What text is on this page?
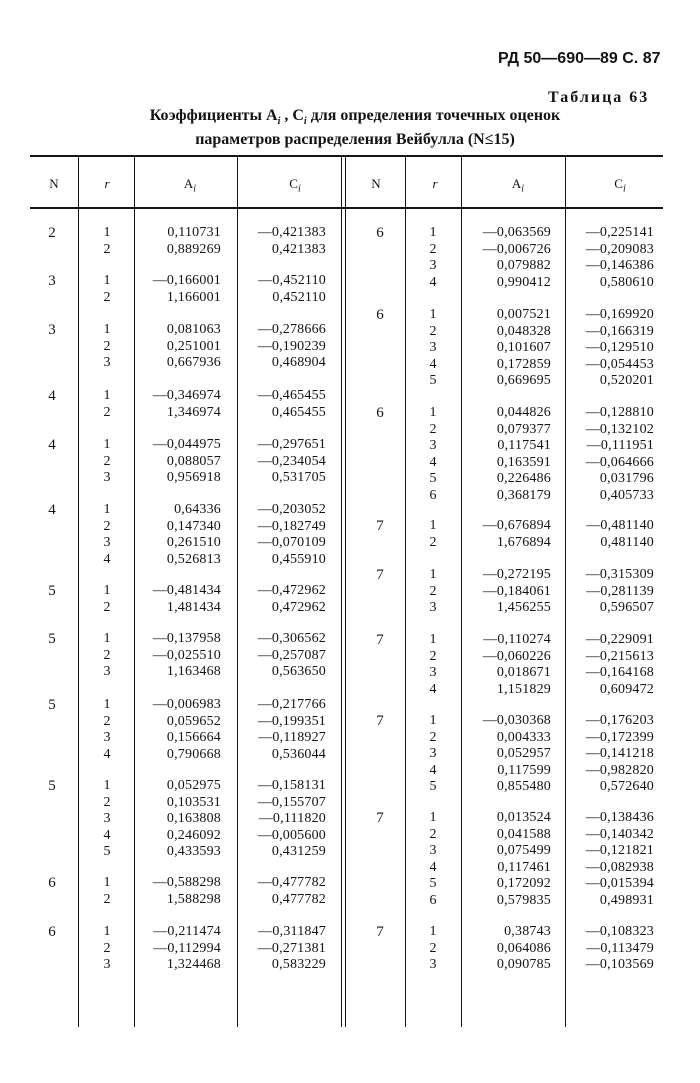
РД 50—690—89 С. 87
Таблица 63
Коэффициенты $A_i$ , $C_i$ для определения точечных оценок
параметров распределения Вейбулла (N≤15)
N	r	$A_i$	$C_i$	N	r	$A_i$	$C_i$
2	1	0,110731	—0,421383
2	0,889269	0,421383
3	1	—0,166001	—0,452110
2	1,166001	0,452110
3	1	0,081063	—0,278666
2	0,251001	—0,190239
3	0,667936	0,468904
4	1	—0,346974	—0,465455
2	1,346974	0,465455
4	1	—0,044975	—0,297651
2	0,088057	—0,234054
3	0,956918	0,531705
4	1	0,64336	—0,203052
2	0,147340	—0,182749
3	0,261510	—0,070109
4	0,526813	0,455910
5	1	—0,481434	—0,472962
2	1,481434	0,472962
5	1	—0,137958	—0,306562
2	—0,025510	—0,257087
3	1,163468	0,563650
5	1	—0,006983	—0,217766
2	0,059652	—0,199351
3	0,156664	—0,118927
4	0,790668	0,536044
5	1	0,052975	—0,158131
2	0,103531	—0,155707
3	0,163808	—0,111820
4	0,246092	—0,005600
5	0,433593	0,431259
6	1	—0,588298	—0,477782
2	1,588298	0,477782
6	1	—0,211474	—0,311847
2	—0,112994	—0,271381
3	1,324468	0,583229
6	1	—0,063569 —0,225141
2	—0,006726 —0,209083
3	0,079882 —0,146386
4	0,990412	0,580610
6	1	0,007521 —0,169920
2	0,048328 —0,166319
3	0,101607 —0,129510
4	0,172859 —0,054453
5	0,669695	0,520201
6	1	0,044826 —0,128810
2	0,079377 —0,132102
3	0,117541	—0,111951
4	0,163591 —0,064666
5	0,226486	0,031796
6	0,368179	0,405733
7	1	—0,676894	—0,481140
2	1,676894	0,481140
7	1	—0,272195 —0,315309
2	—0,184061	—0,281139
3	1,456255	0,596507
7	1	—0,110274 —0,229091
2	—0,060226 —0,215613
3	0,018671 —0,164168
4	1,151829	0,609472
7	1	—0,030368 —0,176203
2	0,004333 —0,172399
3	0,052957 —0,141218
4	0,117599 —0,982820
5	0,855480	0,572640
7	1	0,013524 —0,138436
2	0,041588 —0,140342
3	0,075499 —0,121821
4	0,117461 —0,082938
5	0,172092 —0,015394
6	0,579835	0,498931
7	1	0,38743 —0,108323
2	0,064086	—0,113479
3	0,090785 —0,103569
